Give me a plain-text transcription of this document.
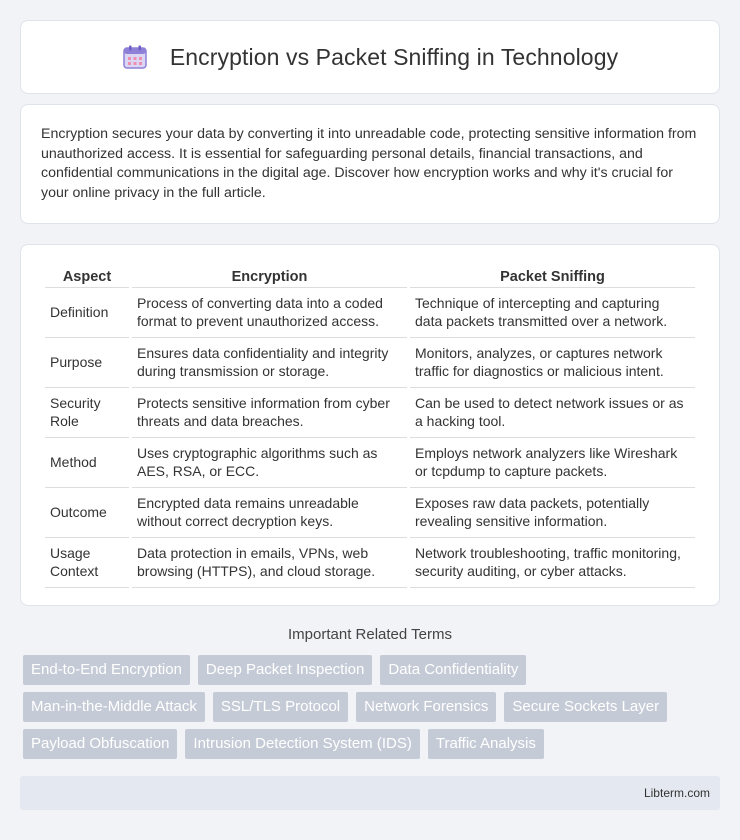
Encryption vs Packet Sniffing in Technology

Encryption secures your data by converting it into unreadable code, protecting sensitive information from unauthorized access. It is essential for safeguarding personal details, financial transactions, and confidential communications in the digital age. Discover how encryption works and why it's crucial for your online privacy in the full article.

Aspect	Encryption	Packet Sniffing
Definition	Process of converting data into a coded format to prevent unauthorized access.	Technique of intercepting and capturing data packets transmitted over a network.
Purpose	Ensures data confidentiality and integrity during transmission or storage.	Monitors, analyzes, or captures network traffic for diagnostics or malicious intent.
Security Role	Protects sensitive information from cyber threats and data breaches.	Can be used to detect network issues or as a hacking tool.
Method	Uses cryptographic algorithms such as AES, RSA, or ECC.	Employs network analyzers like Wireshark or tcpdump to capture packets.
Outcome	Encrypted data remains unreadable without correct decryption keys.	Exposes raw data packets, potentially revealing sensitive information.
Usage Context	Data protection in emails, VPNs, web browsing (HTTPS), and cloud storage.	Network troubleshooting, traffic monitoring, security auditing, or cyber attacks.
Important Related Terms
End-to-End Encryption	Deep Packet Inspection	Data Confidentiality
Man-in-the-Middle Attack	SSL/TLS Protocol	Network Forensics	Secure Sockets Layer
Payload Obfuscation	Intrusion Detection System (IDS)	Traffic Analysis
Libterm.com
